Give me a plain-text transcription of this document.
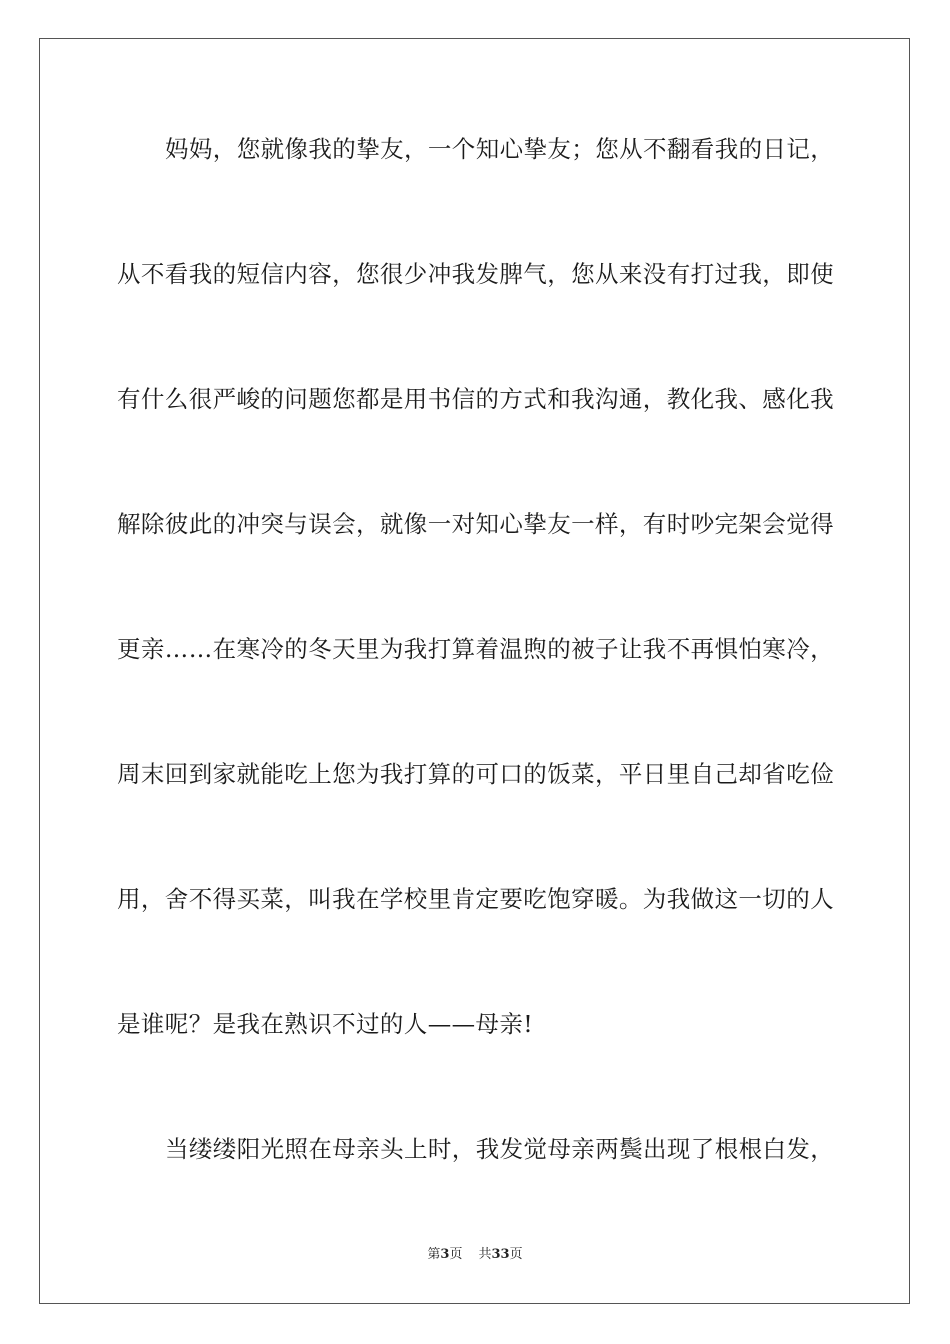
妈妈，您就像我的挚友，一个知心挚友；您从不翻看我的日记，
从不看我的短信内容，您很少冲我发脾气，您从来没有打过我，即使
有什么很严峻的问题您都是用书信的方式和我沟通，教化我、感化我
解除彼此的冲突与误会，就像一对知心挚友一样，有时吵完架会觉得
更亲……在寒冷的冬天里为我打算着温煦的被子让我不再惧怕寒冷，
周末回到家就能吃上您为我打算的可口的饭菜，平日里自己却省吃俭
用，舍不得买菜，叫我在学校里肯定要吃饱穿暖。为我做这一切的人
是谁呢？是我在熟识不过的人——母亲!
当缕缕阳光照在母亲头上时，我发觉母亲两鬓出现了根根白发，
第3页 共33页
